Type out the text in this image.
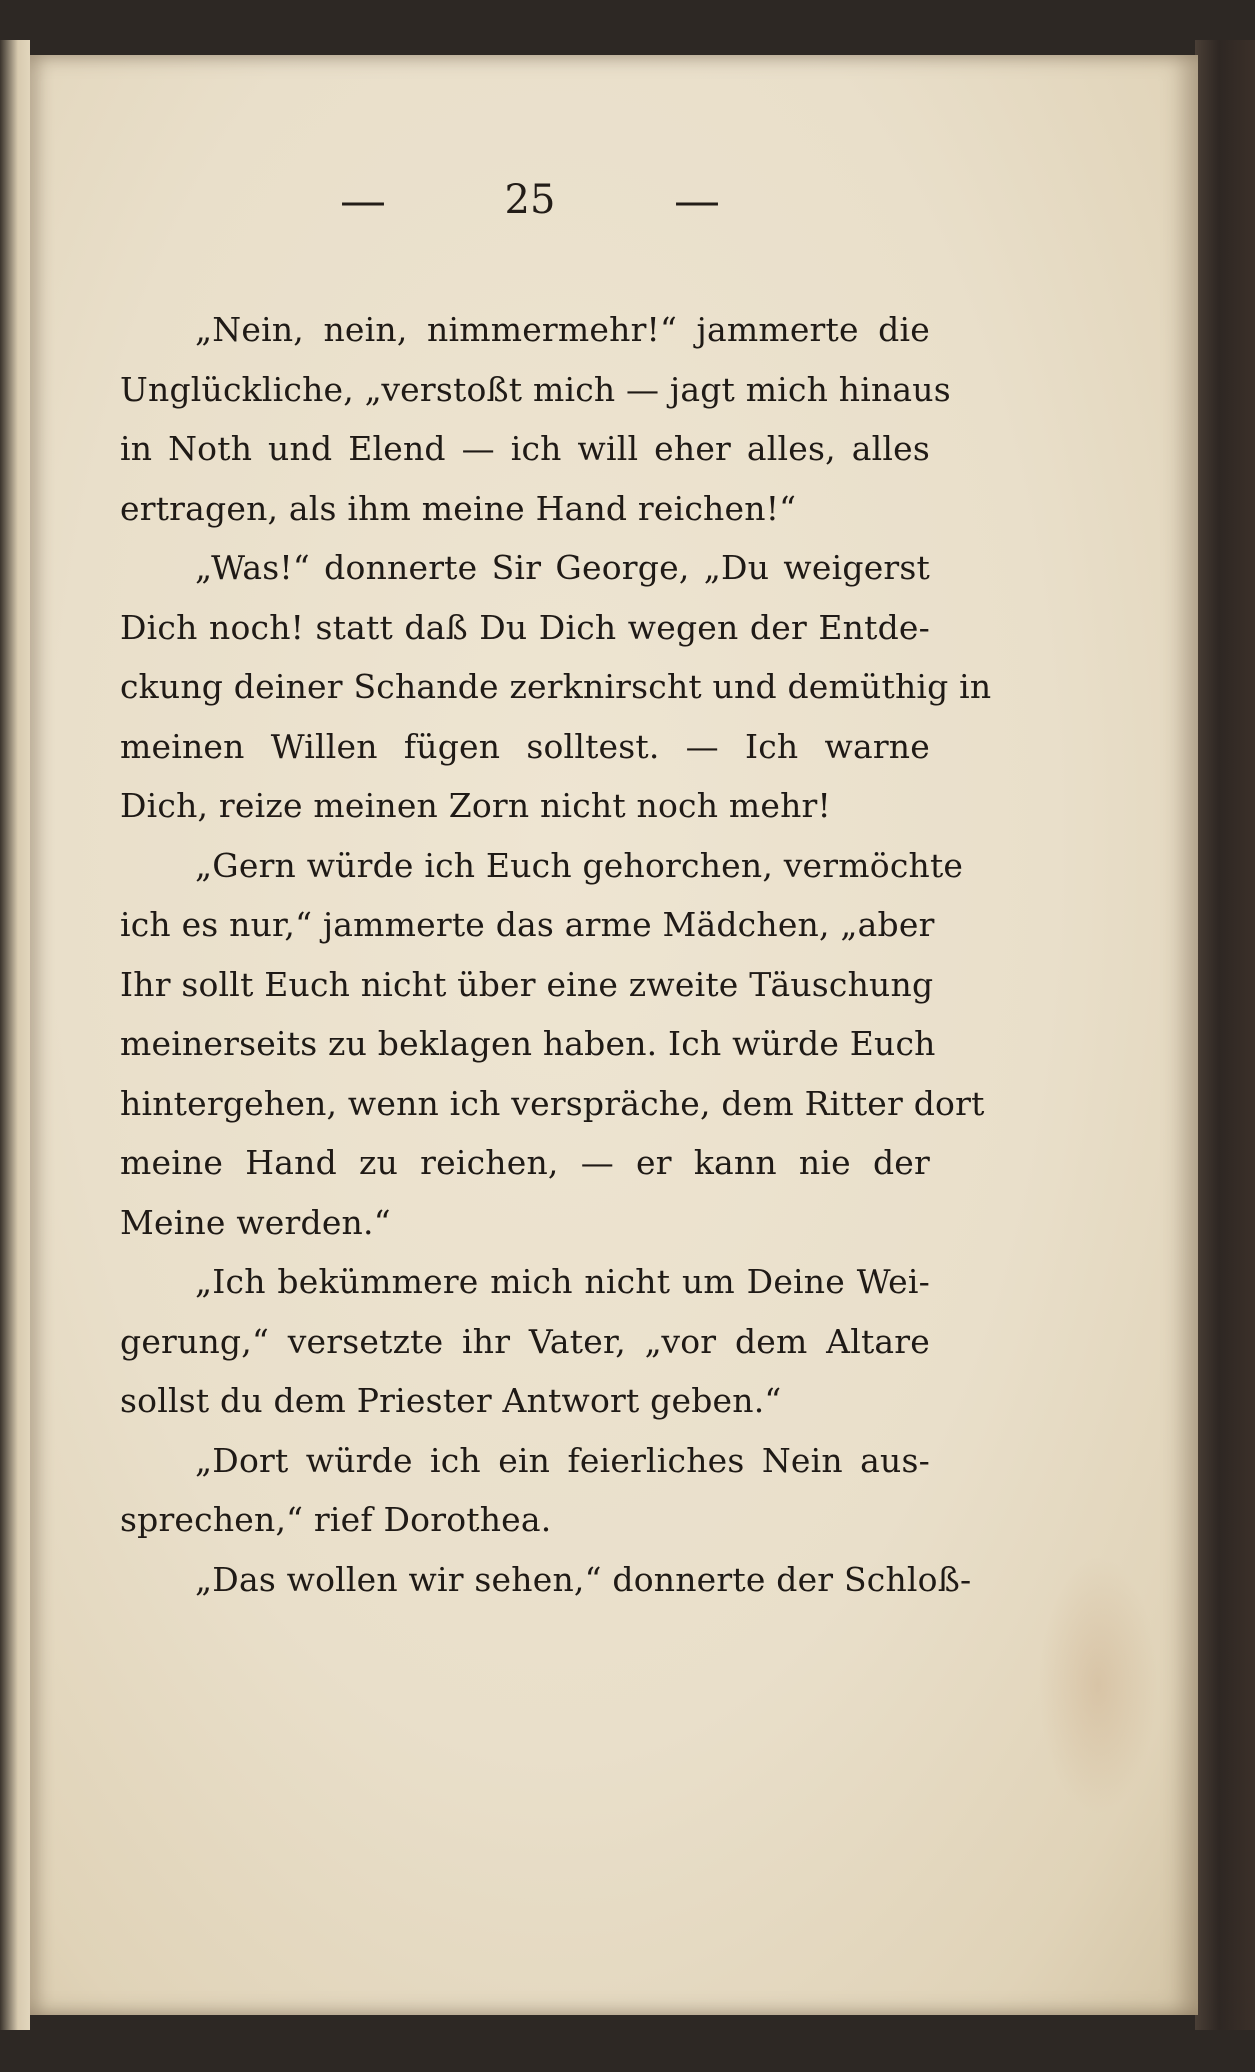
—	25	—
„Nein, nein, nimmermehr!“ jammerte die
Unglückliche, „verstoßt mich — jagt mich hinaus
in Noth und Elend — ich will eher alles, alles
ertragen, als ihm meine Hand reichen!“
„Was!“ donnerte Sir George, „Du weigerst
Dich noch! statt daß Du Dich wegen der Entde-
ckung deiner Schande zerknirscht und demüthig in
meinen Willen fügen solltest. — Ich warne
Dich, reize meinen Zorn nicht noch mehr!
„Gern würde ich Euch gehorchen, vermöchte
ich es nur,“ jammerte das arme Mädchen, „aber
Ihr sollt Euch nicht über eine zweite Täuschung
meinerseits zu beklagen haben. Ich würde Euch
hintergehen, wenn ich verspräche, dem Ritter dort
meine Hand zu reichen, — er kann nie der
Meine werden.“
„Ich bekümmere mich nicht um Deine Wei-
gerung,“ versetzte ihr Vater, „vor dem Altare
sollst du dem Priester Antwort geben.“
„Dort würde ich ein feierliches Nein aus-
sprechen,“ rief Dorothea.
„Das wollen wir sehen,“ donnerte der Schloß-
